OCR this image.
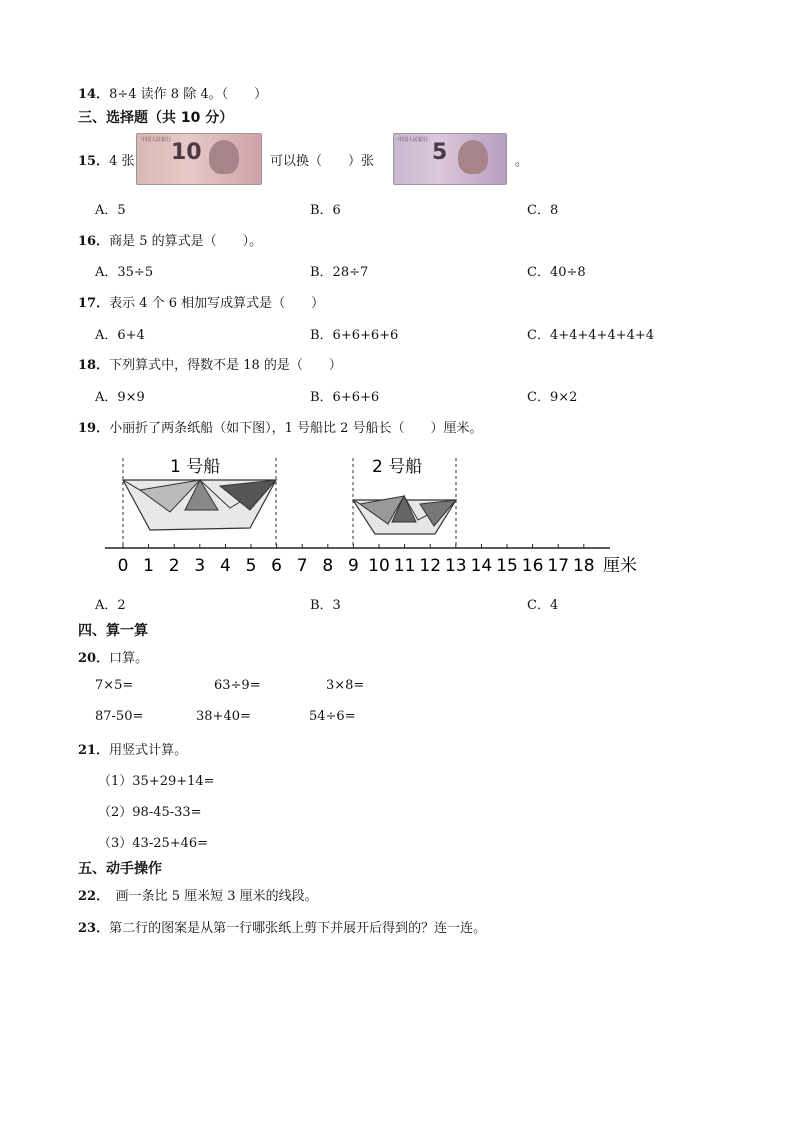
14．8÷4 读作 8 除 4。（　　）
三、选择题（共 10 分）
15．4 张
中国人民银行 10	可以换（　　）张
中国人民银行 5	。
A．5	B．6	C．8
16．商是 5 的算式是（　　）。
A．35÷5	B．28÷7	C．40÷8
17．表示 4 个 6 相加写成算式是（　　）
A．6+4	B．6+6+6+6	C．4+4+4+4+4+4
18．下列算式中，得数不是 18 的是（　　）
A．9×9	B．6+6+6	C．9×2
19．小丽折了两条纸船（如下图），1 号船比 2 号船长（　　）厘米。
1 号船	2 号船
0 1 2 3 4 5 6 7 8 9 10 11 12 13 14 15 16 17 18 厘米
A．2	B．3	C．4
四、算一算
20．口算。
7×5=	63÷9=	3×8=
87-50=	38+40=	54÷6=
21．用竖式计算。
（1）35+29+14=
（2）98-45-33=
（3）43-25+46=
五、动手操作
22．　画一条比 5 厘米短 3 厘米的线段。
23．第二行的图案是从第一行哪张纸上剪下并展开后得到的？连一连。
